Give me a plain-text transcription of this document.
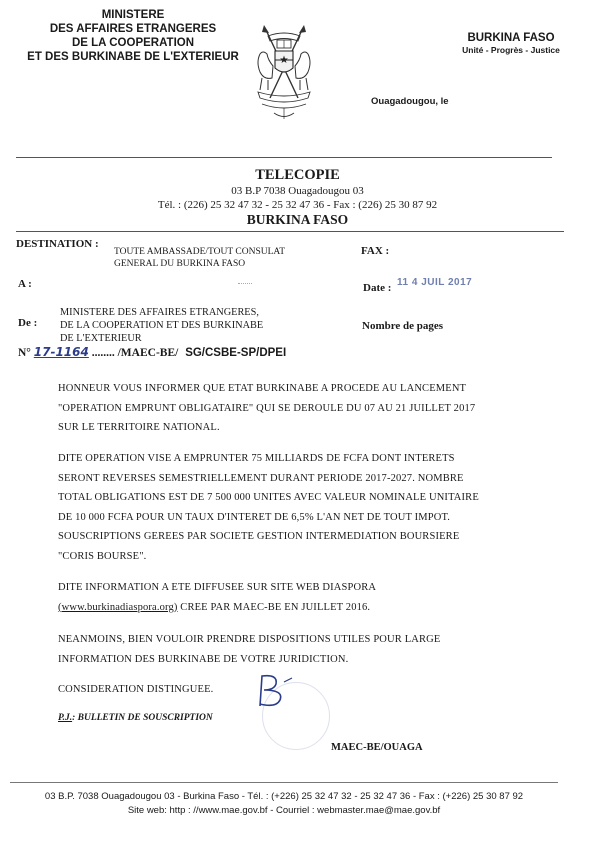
MINISTERE
DES AFFAIRES ETRANGERES
DE LA COOPERATION
ET DES BURKINABE DE L'EXTERIEUR
BURKINA FASO
Unité - Progrès - Justice
Ouagadougou, le
TELECOPIE
03 B.P 7038 Ouagadougou 03
Tél. : (226) 25 32 47 32 - 25 32 47 36 - Fax : (226) 25 30 87 92
BURKINA FASO
DESTINATION :
TOUTE AMBASSADE/TOUT CONSULAT
GENERAL DU BURKINA FASO
FAX :
A :	Date : 11 4 JUIL 2017
De :
MINISTERE DES AFFAIRES ETRANGERES,
DE LA COOPERATION ET DES BURKINABE
DE L'EXTERIEUR
Nombre de pages
N° 17-1164 ........ /MAEC-BE/ SG/CSBE-SP/DPEI
HONNEUR VOUS INFORMER QUE ETAT BURKINABE A PROCEDE AU LANCEMENT
"OPERATION EMPRUNT OBLIGATAIRE" QUI SE DEROULE DU 07 AU 21 JUILLET 2017
SUR LE TERRITOIRE NATIONAL.
DITE OPERATION VISE A EMPRUNTER 75 MILLIARDS DE FCFA DONT INTERETS
SERONT REVERSES SEMESTRIELLEMENT DURANT PERIODE 2017-2027. NOMBRE
TOTAL OBLIGATIONS EST DE 7 500 000 UNITES AVEC VALEUR NOMINALE UNITAIRE
DE 10 000 FCFA POUR UN TAUX D'INTERET DE 6,5% L'AN NET DE TOUT IMPOT.
SOUSCRIPTIONS GEREES PAR SOCIETE GESTION INTERMEDIATION BOURSIERE
"CORIS BOURSE".
DITE INFORMATION A ETE DIFFUSEE SUR SITE WEB DIASPORA
(www.burkinadiaspora.org) CREE PAR MAEC-BE EN JUILLET 2016.
NEANMOINS, BIEN VOULOIR PRENDRE DISPOSITIONS UTILES POUR LARGE
INFORMATION DES BURKINABE DE VOTRE JURIDICTION.
CONSIDERATION DISTINGUEE.
P.J.: BULLETIN DE SOUSCRIPTION
MAEC-BE/OUAGA
03 B.P. 7038 Ouagadougou 03 - Burkina Faso - Tél. : (+226) 25 32 47 32 - 25 32 47 36 - Fax : (+226) 25 30 87 92
Site web: http : //www.mae.gov.bf - Courriel : webmaster.mae@mae.gov.bf
